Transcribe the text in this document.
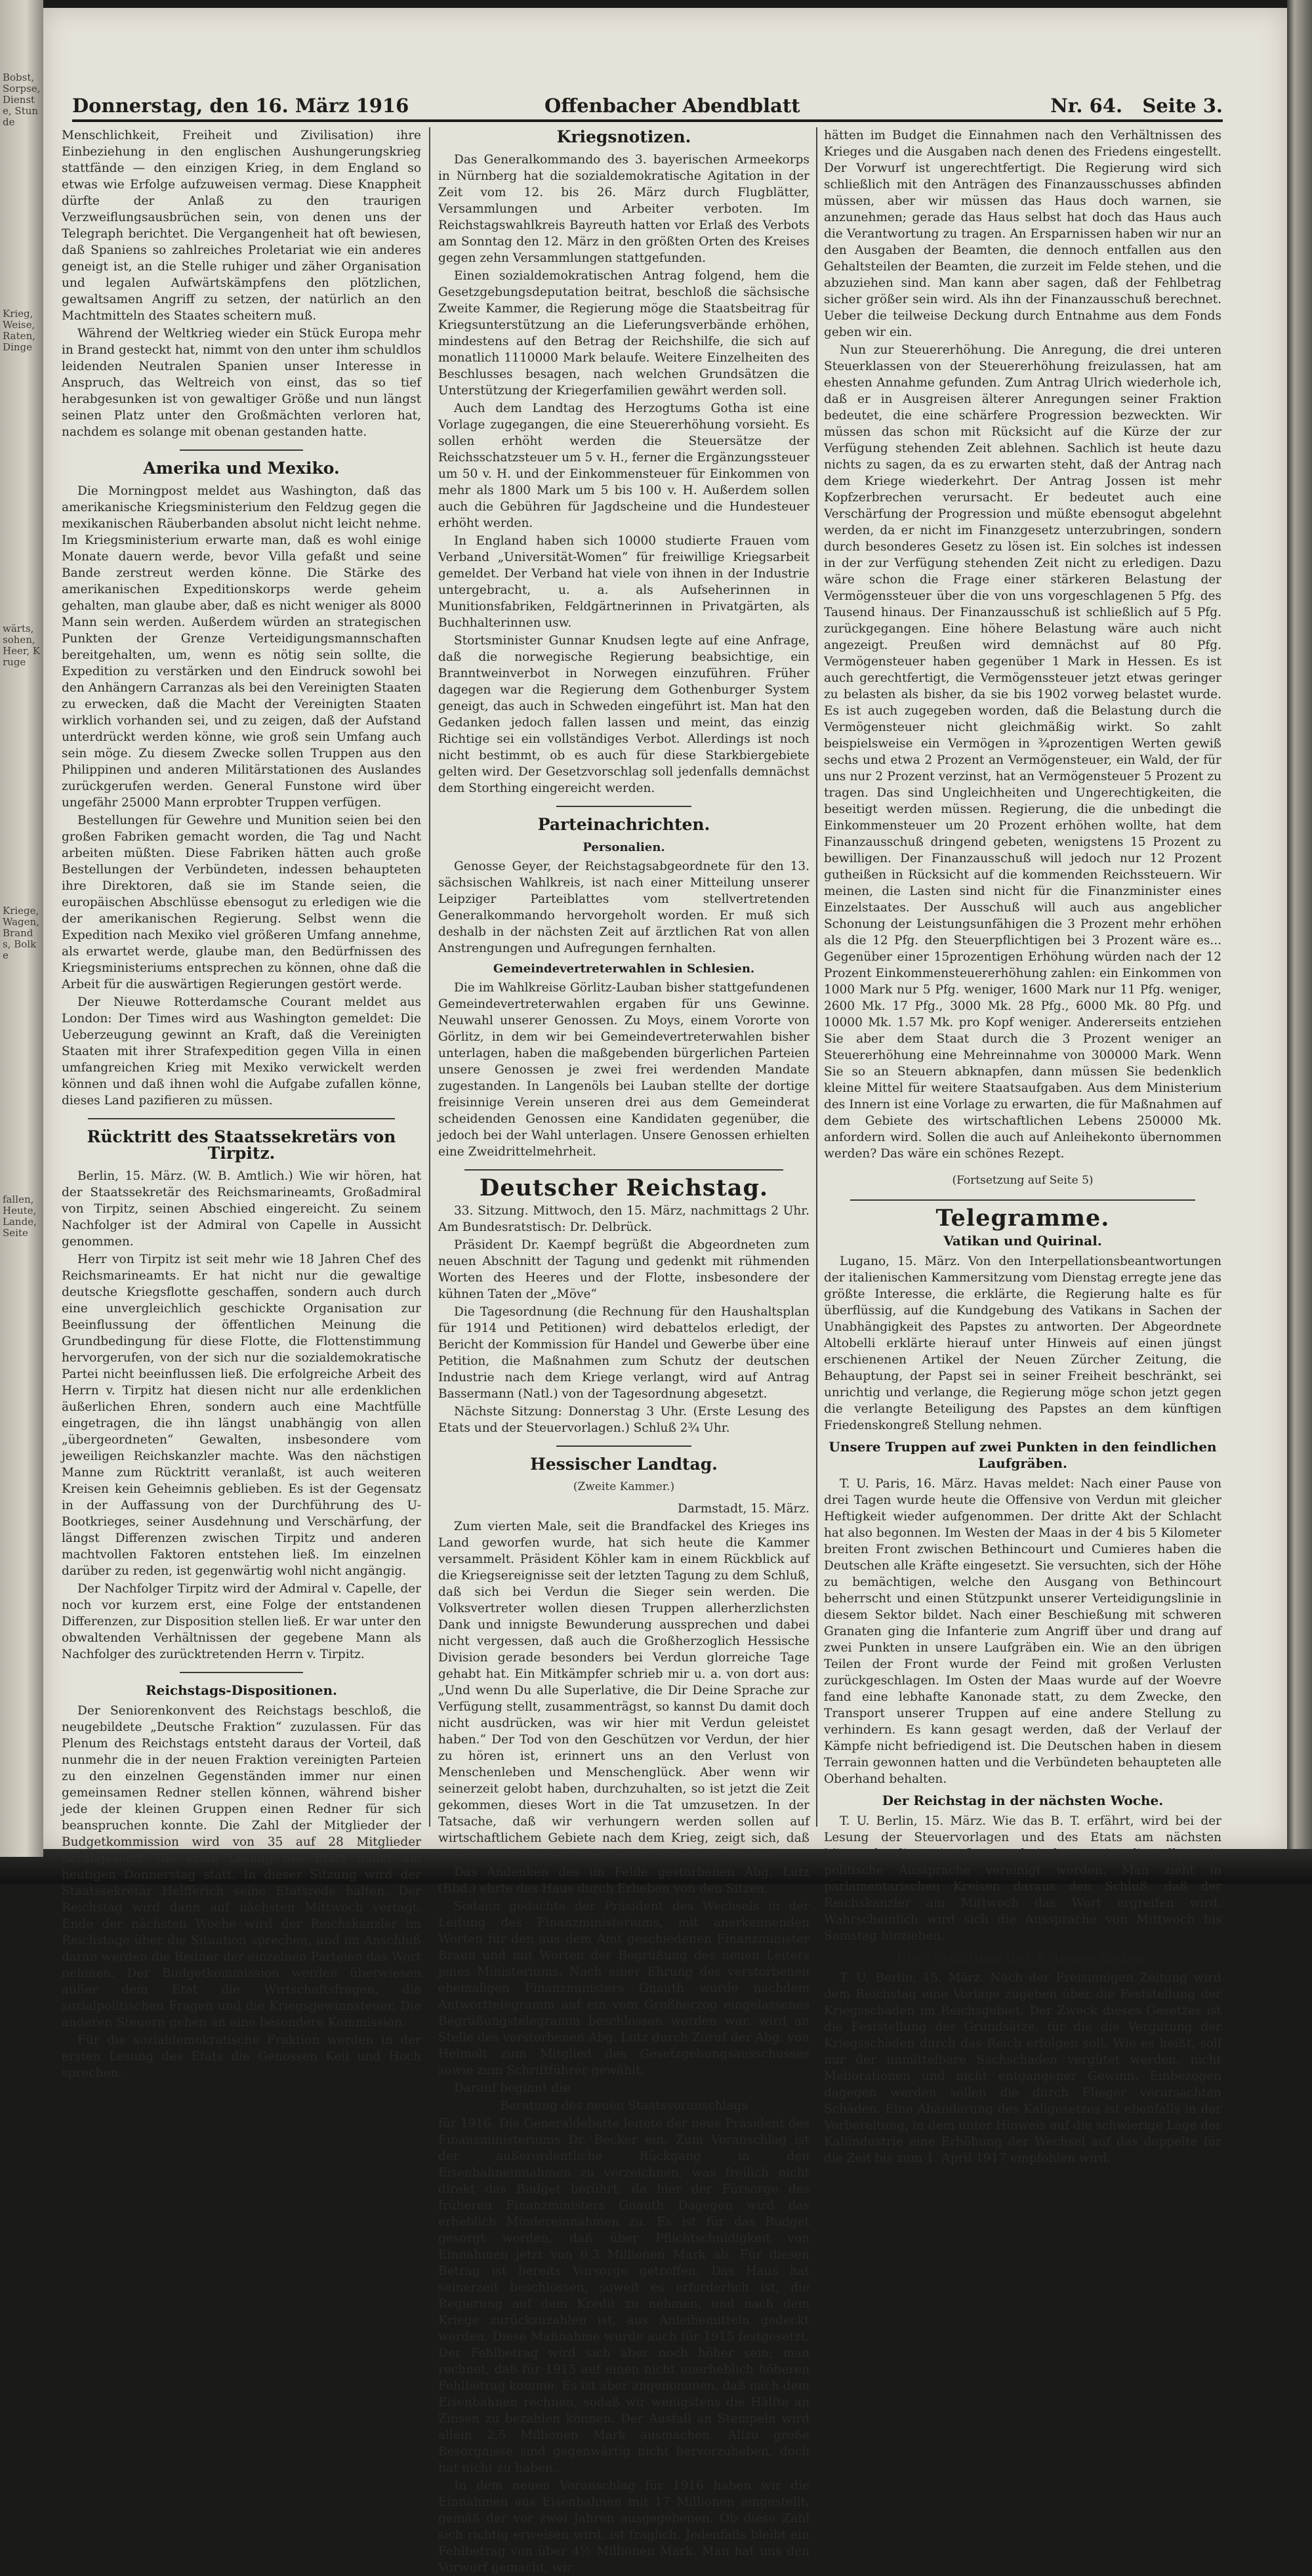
Bobst, Sorpse, Dienste, Stunde
Krieg, Weise, Raten, Dinge
wärts, sohen, Heer, Kruge
Kriege, Wagen, Brands, Bolke
fallen, Heute, Lande, Seite
Donnerstag, den 16. März 1916	Offenbacher Abendblatt	Nr. 64. Seite 3.

Menschlichkeit, Freiheit und Zivilisation) ihre Einbeziehung in den englischen Aushungerungskrieg stattfände — den einzigen Krieg, in dem England so etwas wie Erfolge aufzuweisen vermag. Diese Knappheit dürfte der Anlaß zu den traurigen Verzweiflungsausbrüchen sein, von denen uns der Telegraph berichtet. Die Vergangenheit hat oft bewiesen, daß Spaniens so zahlreiches Proletariat wie ein anderes geneigt ist, an die Stelle ruhiger und zäher Organisation und legalen Aufwärtskämpfens den plötzlichen, gewaltsamen Angriff zu setzen, der natürlich an den Machtmitteln des Staates scheitern muß.

Während der Weltkrieg wieder ein Stück Europa mehr in Brand gesteckt hat, nimmt von den unter ihm schuldlos leidenden Neutralen Spanien unser Interesse in Anspruch, das Weltreich von einst, das so tief herabgesunken ist von gewaltiger Größe und nun längst seinen Platz unter den Großmächten verloren hat, nachdem es solange mit obenan gestanden hatte.

Amerika und Mexiko.

Die Morningpost meldet aus Washington, daß das amerikanische Kriegsministerium den Feldzug gegen die mexikanischen Räuberbanden absolut nicht leicht nehme. Im Kriegsministerium erwarte man, daß es wohl einige Monate dauern werde, bevor Villa gefaßt und seine Bande zerstreut werden könne. Die Stärke des amerikanischen Expeditionskorps werde geheim gehalten, man glaube aber, daß es nicht weniger als 8000 Mann sein werden. Außerdem würden an strategischen Punkten der Grenze Verteidigungsmannschaften bereitgehalten, um, wenn es nötig sein sollte, die Expedition zu verstärken und den Eindruck sowohl bei den Anhängern Carranzas als bei den Vereinigten Staaten zu erwecken, daß die Macht der Vereinigten Staaten wirklich vorhanden sei, und zu zeigen, daß der Aufstand unterdrückt werden könne, wie groß sein Umfang auch sein möge. Zu diesem Zwecke sollen Truppen aus den Philippinen und anderen Militärstationen des Auslandes zurückgerufen werden. General Funstone wird über ungefähr 25000 Mann erprobter Truppen verfügen.

Bestellungen für Gewehre und Munition seien bei den großen Fabriken gemacht worden, die Tag und Nacht arbeiten müßten. Diese Fabriken hätten auch große Bestellungen der Verbündeten, indessen behaupteten ihre Direktoren, daß sie im Stande seien, die europäischen Abschlüsse ebensogut zu erledigen wie die der amerikanischen Regierung. Selbst wenn die Expedition nach Mexiko viel größeren Umfang annehme, als erwartet werde, glaube man, den Bedürfnissen des Kriegsministeriums entsprechen zu können, ohne daß die Arbeit für die auswärtigen Regierungen gestört werde.

Der Nieuwe Rotterdamsche Courant meldet aus London: Der Times wird aus Washington gemeldet: Die Ueberzeugung gewinnt an Kraft, daß die Vereinigten Staaten mit ihrer Strafexpedition gegen Villa in einen umfangreichen Krieg mit Mexiko verwickelt werden können und daß ihnen wohl die Aufgabe zufallen könne, dieses Land pazifieren zu müssen.

Rücktritt des Staatssekretärs von Tirpitz.

Berlin, 15. März. (W. B. Amtlich.) Wie wir hören, hat der Staatssekretär des Reichsmarineamts, Großadmiral von Tirpitz, seinen Abschied eingereicht. Zu seinem Nachfolger ist der Admiral von Capelle in Aussicht genommen.

Herr von Tirpitz ist seit mehr wie 18 Jahren Chef des Reichsmarineamts. Er hat nicht nur die gewaltige deutsche Kriegsflotte geschaffen, sondern auch durch eine unvergleichlich geschickte Organisation zur Beeinflussung der öffentlichen Meinung die Grundbedingung für diese Flotte, die Flottenstimmung hervorgerufen, von der sich nur die sozialdemokratische Partei nicht beeinflussen ließ. Die erfolgreiche Arbeit des Herrn v. Tirpitz hat diesen nicht nur alle erdenklichen äußerlichen Ehren, sondern auch eine Machtfülle eingetragen, die ihn längst unabhängig von allen „übergeordneten“ Gewalten, insbesondere vom jeweiligen Reichskanzler machte. Was den nächstigen Manne zum Rücktritt veranlaßt, ist auch weiteren Kreisen kein Geheimnis geblieben. Es ist der Gegensatz in der Auffassung von der Durchführung des U-Bootkrieges, seiner Ausdehnung und Verschärfung, der längst Differenzen zwischen Tirpitz und anderen machtvollen Faktoren entstehen ließ. Im einzelnen darüber zu reden, ist gegenwärtig wohl nicht angängig.

Der Nachfolger Tirpitz wird der Admiral v. Capelle, der noch vor kurzem erst, eine Folge der entstandenen Differenzen, zur Disposition stellen ließ. Er war unter den obwaltenden Verhältnissen der gegebene Mann als Nachfolger des zurücktretenden Herrn v. Tirpitz.

Reichstags-Dispositionen.

Der Seniorenkonvent des Reichstags beschloß, die neugebildete „Deutsche Fraktion“ zuzulassen. Für das Plenum des Reichstags entsteht daraus der Vorteil, daß nunmehr die in der neuen Fraktion vereinigten Parteien zu den einzelnen Gegenständen immer nur einen gemeinsamen Redner stellen können, während bisher jede der kleinen Gruppen einen Redner für sich beanspruchen konnte. Die Zahl der Mitglieder der Budgetkommission wird von 35 auf 28 Mitglieder herabgesetzt. Die erste Lesung des Etats findet am heutigen Donnerstag statt. In dieser Sitzung wird der Staatssekretär Helfferich seine Etatsrede halten. Der Reichstag wird dann auf nächsten Mittwoch vertagt. Ende der nächsten Woche wird der Reichskanzler im Reichstage über die Situation sprechen, und im Anschluß daran werden die Redner der einzelnen Parteien das Wort nehmen. Der Budgetkommission werden überwiesen außer dem Etat die Wirtschaftsfragen, die sozialpolitischen Fragen und die Kriegsgewinnsteuer. Die anderen Steuern gehen an eine besondere Kommission.

Für die sozialdemokratische Fraktion werden in der ersten Lesung des Etats die Genossen Keil und Hoch sprechen.

Kriegsnotizen.

Das Generalkommando des 3. bayerischen Armeekorps in Nürnberg hat die sozialdemokratische Agitation in der Zeit vom 12. bis 26. März durch Flugblätter, Versammlungen und Arbeiter verboten. Im Reichstagswahlkreis Bayreuth hatten vor Erlaß des Verbots am Sonntag den 12. März in den größten Orten des Kreises gegen zehn Versammlungen stattgefunden.

Einen sozialdemokratischen Antrag folgend, hem die Gesetzgebungsdeputation beitrat, beschloß die sächsische Zweite Kammer, die Regierung möge die Staatsbeitrag für Kriegsunterstützung an die Lieferungsverbände erhöhen, mindestens auf den Betrag der Reichshilfe, die sich auf monatlich 1110000 Mark belaufe. Weitere Einzelheiten des Beschlusses besagen, nach welchen Grundsätzen die Unterstützung der Kriegerfamilien gewährt werden soll.

Auch dem Landtag des Herzogtums Gotha ist eine Vorlage zugegangen, die eine Steuererhöhung vorsieht. Es sollen erhöht werden die Steuersätze der Reichsschatzsteuer um 5 v. H., ferner die Ergänzungssteuer um 50 v. H. und der Einkommensteuer für Einkommen von mehr als 1800 Mark um 5 bis 100 v. H. Außerdem sollen auch die Gebühren für Jagdscheine und die Hundesteuer erhöht werden.

In England haben sich 10000 studierte Frauen vom Verband „Universität-Women“ für freiwillige Kriegsarbeit gemeldet. Der Verband hat viele von ihnen in der Industrie untergebracht, u. a. als Aufseherinnen in Munitionsfabriken, Feldgärtnerinnen in Privatgärten, als Buchhalterinnen usw.

Stortsminister Gunnar Knudsen legte auf eine Anfrage, daß die norwegische Regierung beabsichtige, ein Branntweinverbot in Norwegen einzuführen. Früher dagegen war die Regierung dem Gothenburger System geneigt, das auch in Schweden eingeführt ist. Man hat den Gedanken jedoch fallen lassen und meint, das einzig Richtige sei ein vollständiges Verbot. Allerdings ist noch nicht bestimmt, ob es auch für diese Starkbiergebiete gelten wird. Der Gesetzvorschlag soll jedenfalls demnächst dem Storthing eingereicht werden.

Parteinachrichten.
Personalien.

Genosse Geyer, der Reichstagsabgeordnete für den 13. sächsischen Wahlkreis, ist nach einer Mitteilung unserer Leipziger Parteiblattes vom stellvertretenden Generalkommando hervorgeholt worden. Er muß sich deshalb in der nächsten Zeit auf ärztlichen Rat von allen Anstrengungen und Aufregungen fernhalten.

Gemeindevertreterwahlen in Schlesien.

Die im Wahlkreise Görlitz-Lauban bisher stattgefundenen Gemeindevertreterwahlen ergaben für uns Gewinne. Neuwahl unserer Genossen. Zu Moys, einem Vororte von Görlitz, in dem wir bei Gemeindevertreterwahlen bisher unterlagen, haben die maßgebenden bürgerlichen Parteien unsere Genossen je zwei frei werdenden Mandate zugestanden. In Langenöls bei Lauban stellte der dortige freisinnige Verein unseren drei aus dem Gemeinderat scheidenden Genossen eine Kandidaten gegenüber, die jedoch bei der Wahl unterlagen. Unsere Genossen erhielten eine Zweidrittelmehrheit.

Deutscher Reichstag.

33. Sitzung. Mittwoch, den 15. März, nachmittags 2 Uhr. Am Bundesratstisch: Dr. Delbrück.

Präsident Dr. Kaempf begrüßt die Abgeordneten zum neuen Abschnitt der Tagung und gedenkt mit rühmenden Worten des Heeres und der Flotte, insbesondere der kühnen Taten der „Möve“

Die Tagesordnung (die Rechnung für den Haushaltsplan für 1914 und Petitionen) wird debattelos erledigt, der Bericht der Kommission für Handel und Gewerbe über eine Petition, die Maßnahmen zum Schutz der deutschen Industrie nach dem Kriege verlangt, wird auf Antrag Bassermann (Natl.) von der Tagesordnung abgesetzt.

Nächste Sitzung: Donnerstag 3 Uhr. (Erste Lesung des Etats und der Steuervorlagen.) Schluß 2¾ Uhr.

Hessischer Landtag.
(Zweite Kammer.)

Darmstadt, 15. März.

Zum vierten Male, seit die Brandfackel des Krieges ins Land geworfen wurde, hat sich heute die Kammer versammelt. Präsident Köhler kam in einem Rückblick auf die Kriegsereignisse seit der letzten Tagung zu dem Schluß, daß sich bei Verdun die Sieger sein werden. Die Volksvertreter wollen diesen Truppen allerherzlichsten Dank und innigste Bewunderung aussprechen und dabei nicht vergessen, daß auch die Großherzoglich Hessische Division gerade besonders bei Verdun glorreiche Tage gehabt hat. Ein Mitkämpfer schrieb mir u. a. von dort aus: „Und wenn Du alle Superlative, die Dir Deine Sprache zur Verfügung stellt, zusammenträgst, so kannst Du damit doch nicht ausdrücken, was wir hier mit Verdun geleistet haben.“ Der Tod von den Geschützen vor Verdun, der hier zu hören ist, erinnert uns an den Verlust von Menschenleben und Menschenglück. Aber wenn wir seinerzeit gelobt haben, durchzuhalten, so ist jetzt die Zeit gekommen, dieses Wort in die Tat umzusetzen. In der Tatsache, daß wir verhungern werden sollen auf wirtschaftlichem Gebiete nach dem Krieg, zeigt sich, daß unsere Feinde diesen Krieg selbst als verloren ansehen.

Das Andenken des im Felde gestorbenen Abg. Lutz (Bbd.) ehrte das Haus durch Erheben von den Sitzen.

Sodann gedachte der Präsident des Wechsels in der Leitung des Finanzministeriums, mit anerkennenden Worten für den aus dem Amt geschiedenen Finanzminister Braun und mit Worten der Begrüßung des neuen Leiters jenes Ministeriums. Nach einer Ehrung des verstorbenen ehemaligen Finanzministers Gnauth wurde nachdem Antworttelegramm auf ein vom Großherzog eingelassenes Begrüßungstelegramm beschlossen worden war, wird an Stelle des verstorbenen Abg. Lutz durch Zuruf der Abg. von Helmolt zum Mitglied des Gesetzgebungsausschusses sowie zum Schriftführer gewählt.

Darauf beginnt die

Beratung des neuen Staatsvoranschlags

für 1916. Die Generaldebatte leitete der neue Präsident des Finanzministeriums Dr. Becker ein. Zum Voranschlag ist der außerordentliche Rückgang in den Eisenbahneinnahmen zu verzeichnen, was freilich nicht direkt das Budget berührt, da hier der Fürsorge des früheren Finanzministers Gnauth Dagegen wird das erheblich Mindereinnahmen zu. Es ist für das Budget gesorgt worden, daß über Pflichtschuldigkeit von Einnahmen jetzt von 6,3 Millionen Mark ab. Für diesen Betrag ist bereits Vorsorge getroffen. Das Haus hat seinerzeit beschlossen, soweit es erforderlich ist, die Regierung auf dem Kredit zu nehmen, und nach dem Kriege zurückzuzahlen ist, aus Anleihemitteln gedeckt werden. Diese Maßnahme wurde auch für 1915 festgesetzt. Der Fehlbetrag wird sich aber noch höher sein; man rechnet, daß für 1915 auf einen nicht unerheblich höheren Fehlbetrag komme. Es ist aber angenommen, daß nach dem Eisenbahnen rechnen, sodaß wir wenigstens die Hälfte an Zinsen zu bezahlen können. Der Ausfall an Stempeln wird allein 2,5 Millionen Mark ausmachen. Allzu große Besorgnisse sind gegenwärtig nicht hervorzuheben, doch hat nicht zu haben.

In dem neuen Voranschlag für 1916 haben wir die Einnahmen aus Eisenbahnen mit 17 Millionen eingestellt, gemäß der vor zwei Jahren ausgegebenen. Ob diese Zahl sich richtig erweisen wird, ist fraglich. Jedenfalls bleibt ein Fehlbetrag von über 4½ Millionen Mark. Man hat uns den Vorwurf gemacht, wir

hätten im Budget die Einnahmen nach den Verhältnissen des Krieges und die Ausgaben nach denen des Friedens eingestellt. Der Vorwurf ist ungerechtfertigt. Die Regierung wird sich schließlich mit den Anträgen des Finanzausschusses abfinden müssen, aber wir müssen das Haus doch warnen, sie anzunehmen; gerade das Haus selbst hat doch das Haus auch die Verantwortung zu tragen. An Ersparnissen haben wir nur an den Ausgaben der Beamten, die dennoch entfallen aus den Gehaltsteilen der Beamten, die zurzeit im Felde stehen, und die abzuziehen sind. Man kann aber sagen, daß der Fehlbetrag sicher größer sein wird. Als ihn der Finanzausschuß berechnet. Ueber die teilweise Deckung durch Entnahme aus dem Fonds geben wir ein.

Nun zur Steuererhöhung. Die Anregung, die drei unteren Steuerklassen von der Steuererhöhung freizulassen, hat am ehesten Annahme gefunden. Zum Antrag Ulrich wiederhole ich, daß er in Ausgreisen älterer Anregungen seiner Fraktion bedeutet, die eine schärfere Progression bezweckten. Wir müssen das schon mit Rücksicht auf die Kürze der zur Verfügung stehenden Zeit ablehnen. Sachlich ist heute dazu nichts zu sagen, da es zu erwarten steht, daß der Antrag nach dem Kriege wiederkehrt. Der Antrag Jossen ist mehr Kopfzerbrechen verursacht. Er bedeutet auch eine Verschärfung der Progression und müßte ebensogut abgelehnt werden, da er nicht im Finanzgesetz unterzubringen, sondern durch besonderes Gesetz zu lösen ist. Ein solches ist indessen in der zur Verfügung stehenden Zeit nicht zu erledigen. Dazu wäre schon die Frage einer stärkeren Belastung der Vermögenssteuer über die von uns vorgeschlagenen 5 Pfg. des Tausend hinaus. Der Finanzausschuß ist schließlich auf 5 Pfg. zurückgegangen. Eine höhere Belastung wäre auch nicht angezeigt. Preußen wird demnächst auf 80 Pfg. Vermögensteuer haben gegenüber 1 Mark in Hessen. Es ist auch gerechtfertigt, die Vermögenssteuer jetzt etwas geringer zu belasten als bisher, da sie bis 1902 vorweg belastet wurde. Es ist auch zugegeben worden, daß die Belastung durch die Vermögensteuer nicht gleichmäßig wirkt. So zahlt beispielsweise ein Vermögen in ¾prozentigen Werten gewiß sechs und etwa 2 Prozent an Vermögensteuer, ein Wald, der für uns nur 2 Prozent verzinst, hat an Vermögensteuer 5 Prozent zu tragen. Das sind Ungleichheiten und Ungerechtigkeiten, die beseitigt werden müssen. Regierung, die die unbedingt die Einkommensteuer um 20 Prozent erhöhen wollte, hat dem Finanzausschuß dringend gebeten, wenigstens 15 Prozent zu bewilligen. Der Finanzausschuß will jedoch nur 12 Prozent gutheißen in Rücksicht auf die kommenden Reichssteuern. Wir meinen, die Lasten sind nicht für die Finanzminister eines Einzelstaates. Der Ausschuß will auch aus angeblicher Schonung der Leistungsunfähigen die 3 Prozent mehr erhöhen als die 12 Pfg. den Steuerpflichtigen bei 3 Prozent wäre es... Gegenüber einer 15prozentigen Erhöhung würden nach der 12 Prozent Einkommensteuererhöhung zahlen: ein Einkommen von 1000 Mark nur 5 Pfg. weniger, 1600 Mark nur 11 Pfg. weniger, 2600 Mk. 17 Pfg., 3000 Mk. 28 Pfg., 6000 Mk. 80 Pfg. und 10000 Mk. 1.57 Mk. pro Kopf weniger. Andererseits entziehen Sie aber dem Staat durch die 3 Prozent weniger an Steuererhöhung eine Mehreinnahme von 300000 Mark. Wenn Sie so an Steuern abknapfen, dann müssen Sie bedenklich kleine Mittel für weitere Staatsaufgaben. Aus dem Ministerium des Innern ist eine Vorlage zu erwarten, die für Maßnahmen auf dem Gebiete des wirtschaftlichen Lebens 250000 Mk. anfordern wird. Sollen die auch auf Anleihekonto übernommen werden? Das wäre ein schönes Rezept.

(Fortsetzung auf Seite 5)
Telegramme.
Vatikan und Quirinal.

Lugano, 15. März. Von den Interpellationsbeantwortungen der italienischen Kammersitzung vom Dienstag erregte jene das größte Interesse, die erklärte, die Regierung halte es für überflüssig, auf die Kundgebung des Vatikans in Sachen der Unabhängigkeit des Papstes zu antworten. Der Abgeordnete Altobelli erklärte hierauf unter Hinweis auf einen jüngst erschienenen Artikel der Neuen Zürcher Zeitung, die Behauptung, der Papst sei in seiner Freiheit beschränkt, sei unrichtig und verlange, die Regierung möge schon jetzt gegen die verlangte Beteiligung des Papstes an dem künftigen Friedenskongreß Stellung nehmen.

Unsere Truppen auf zwei Punkten in den feindlichen Laufgräben.

T. U. Paris, 16. März. Havas meldet: Nach einer Pause von drei Tagen wurde heute die Offensive von Verdun mit gleicher Heftigkeit wieder aufgenommen. Der dritte Akt der Schlacht hat also begonnen. Im Westen der Maas in der 4 bis 5 Kilometer breiten Front zwischen Bethincourt und Cumieres haben die Deutschen alle Kräfte eingesetzt. Sie versuchten, sich der Höhe zu bemächtigen, welche den Ausgang von Bethincourt beherrscht und einen Stützpunkt unserer Verteidigungslinie in diesem Sektor bildet. Nach einer Beschießung mit schweren Granaten ging die Infanterie zum Angriff über und drang auf zwei Punkten in unsere Laufgräben ein. Wie an den übrigen Teilen der Front wurde der Feind mit großen Verlusten zurückgeschlagen. Im Osten der Maas wurde auf der Woevre fand eine lebhafte Kanonade statt, zu dem Zwecke, den Transport unserer Truppen auf eine andere Stellung zu verhindern. Es kann gesagt werden, daß der Verlauf der Kämpfe nicht befriedigend ist. Die Deutschen haben in diesem Terrain gewonnen hatten und die Verbündeten behaupteten alle Oberhand behalten.

Der Reichstag in der nächsten Woche.

T. U. Berlin, 15. März. Wie das B. T. erfährt, wird bei der Lesung der Steuervorlagen und des Etats am nächsten Mittwoch die rein finanztechnische sowie die allgemein politische Aussprache vereinigt werden. Man zieht in parlamentarischen Kreisen daraus den Schluß, daß der Reichskanzler am Mittwoch das Wort ergreifen wird. Wahrscheinlich wird sich die Aussprache von Mittwoch bis Samstag hinziehen.

Die Vergütung der Kriegsschäden.

T. U. Berlin, 15. März. Nach der Freisinnigen Zeitung wird dem Reichstag eine Vorlage zugehen über die Feststellung der Kriegsschäden im Reichsgebiet. Der Zweck dieses Gesetzes ist die Feststellung der Grundsätze, für die die Vergütung der Kriegsschäden durch das Reich erfolgen soll. Wie es heißt, soll nur der unmittelbare Sachschaden vergütet werden, nicht Meliorationen und nicht entgangener Gewinn. Einbezogen dagegen werden sollen die durch Flieger verursachten Schäden. Eine Abänderung des Kaligesetzes ist ebenfalls in der Vorbereitung, in dem unter Hinweis auf die schwierige Lage der Kaliindustrie eine Erhöhung der Wechsel auf das doppelte für die Zeit bis zum 1. April 1917 empfohlen wird.
